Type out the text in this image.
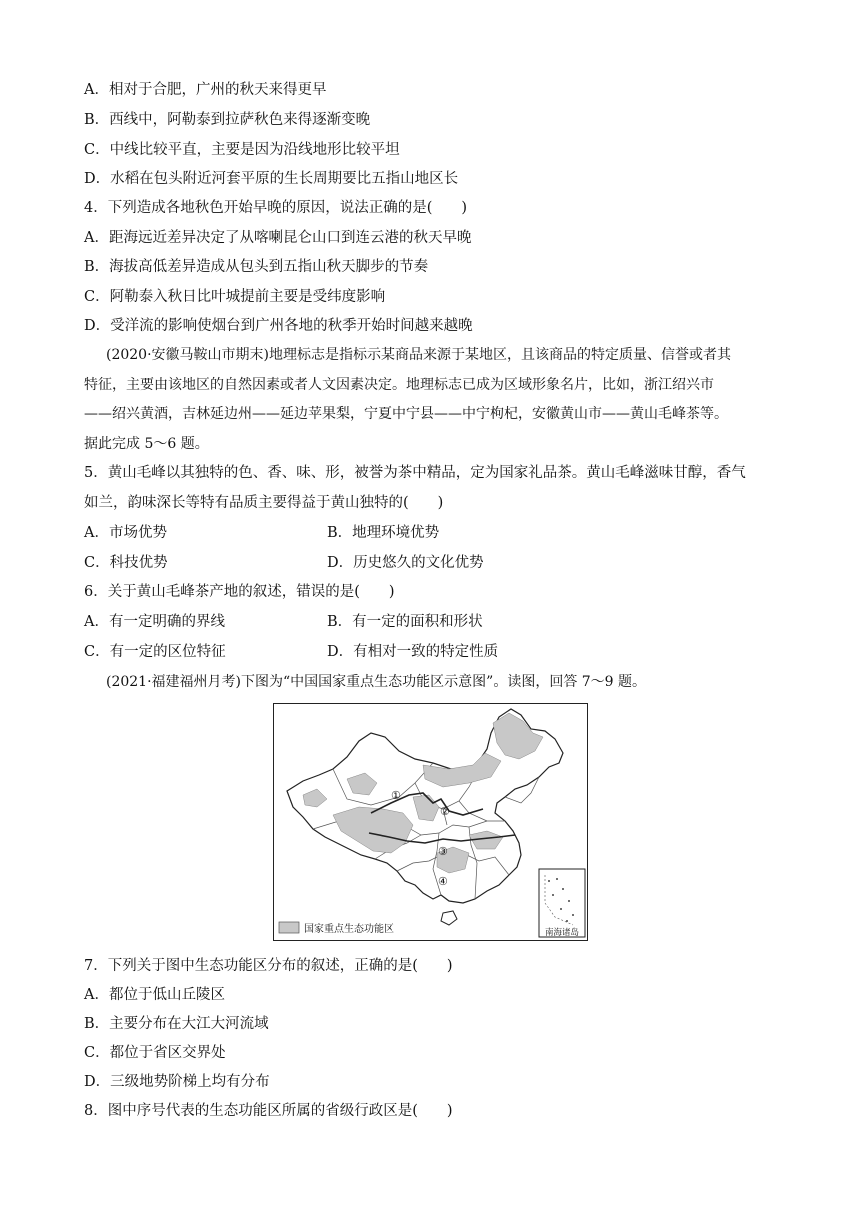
A．相对于合肥，广州的秋天来得更早
B．西线中，阿勒泰到拉萨秋色来得逐渐变晚
C．中线比较平直，主要是因为沿线地形比较平坦
D．水稻在包头附近河套平原的生长周期要比五指山地区长
4．下列造成各地秋色开始早晚的原因，说法正确的是(　　)
A．距海远近差异决定了从喀喇昆仑山口到连云港的秋天早晚
B．海拔高低差异造成从包头到五指山秋天脚步的节奏
C．阿勒泰入秋日比叶城提前主要是受纬度影响
D．受洋流的影响使烟台到广州各地的秋季开始时间越来越晚
(2020·安徽马鞍山市期末)地理标志是指标示某商品来源于某地区，且该商品的特定质量、信誉或者其
特征，主要由该地区的自然因素或者人文因素决定。地理标志已成为区域形象名片，比如，浙江绍兴市
——绍兴黄酒，吉林延边州——延边苹果梨，宁夏中宁县——中宁枸杞，安徽黄山市——黄山毛峰茶等。
据此完成 5～6 题。
5．黄山毛峰以其独特的色、香、味、形，被誉为茶中精品，定为国家礼品茶。黄山毛峰滋味甘醇，香气
如兰，韵味深长等特有品质主要得益于黄山独特的(　　)
A．市场优势	B．地理环境优势
C．科技优势	D．历史悠久的文化优势
6．关于黄山毛峰茶产地的叙述，错误的是(　　)
A．有一定明确的界线	B．有一定的面积和形状
C．有一定的区位特征	D．有相对一致的特定性质
(2021·福建福州月考)下图为“中国国家重点生态功能区示意图”。读图，回答 7～9 题。
①
②
③
④
南海诸岛
国家重点生态功能区
7．下列关于图中生态功能区分布的叙述，正确的是(　　)
A．都位于低山丘陵区
B．主要分布在大江大河流域
C．都位于省区交界处
D．三级地势阶梯上均有分布
8．图中序号代表的生态功能区所属的省级行政区是(　　)
